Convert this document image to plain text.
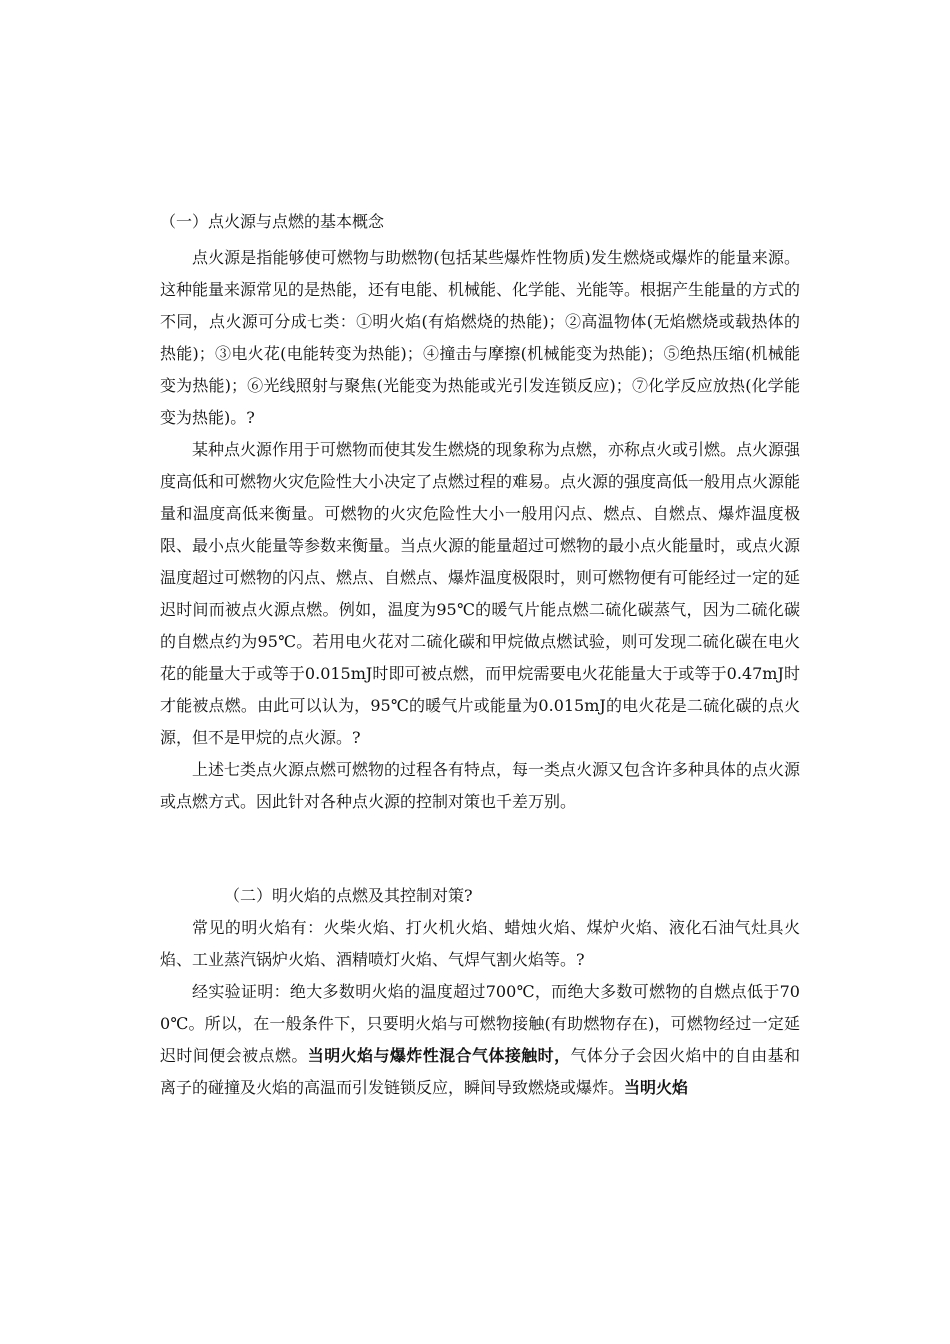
（一）点火源与点燃的基本概念

点火源是指能够使可燃物与助燃物(包括某些爆炸性物质)发生燃烧或爆炸的能量来源。这种能量来源常见的是热能，还有电能、机械能、化学能、光能等。根据产生能量的方式的不同，点火源可分成七类：①明火焰(有焰燃烧的热能)；②高温物体(无焰燃烧或载热体的热能)；③电火花(电能转变为热能)；④撞击与摩擦(机械能变为热能)；⑤绝热压缩(机械能变为热能)；⑥光线照射与聚焦(光能变为热能或光引发连锁反应)；⑦化学反应放热(化学能变为热能)。?

某种点火源作用于可燃物而使其发生燃烧的现象称为点燃，亦称点火或引燃。点火源强度高低和可燃物火灾危险性大小决定了点燃过程的难易。点火源的强度高低一般用点火源能量和温度高低来衡量。可燃物的火灾危险性大小一般用闪点、燃点、自燃点、爆炸温度极限、最小点火能量等参数来衡量。当点火源的能量超过可燃物的最小点火能量时，或点火源温度超过可燃物的闪点、燃点、自燃点、爆炸温度极限时，则可燃物便有可能经过一定的延迟时间而被点火源点燃。例如，温度为95℃的暖气片能点燃二硫化碳蒸气，因为二硫化碳的自燃点约为95℃。若用电火花对二硫化碳和甲烷做点燃试验，则可发现二硫化碳在电火花的能量大于或等于0.015mJ时即可被点燃，而甲烷需要电火花能量大于或等于0.47mJ时才能被点燃。由此可以认为，95℃的暖气片或能量为0.015mJ的电火花是二硫化碳的点火源，但不是甲烷的点火源。?

上述七类点火源点燃可燃物的过程各有特点，每一类点火源又包含许多种具体的点火源或点燃方式。因此针对各种点火源的控制对策也千差万别。

（二）明火焰的点燃及其控制对策?

常见的明火焰有：火柴火焰、打火机火焰、蜡烛火焰、煤炉火焰、液化石油气灶具火焰、工业蒸汽锅炉火焰、酒精喷灯火焰、气焊气割火焰等。?

经实验证明：绝大多数明火焰的温度超过700℃，而绝大多数可燃物的自燃点低于700℃。所以，在一般条件下，只要明火焰与可燃物接触(有助燃物存在)，可燃物经过一定延迟时间便会被点燃。当明火焰与爆炸性混合气体接触时，气体分子会因火焰中的自由基和离子的碰撞及火焰的高温而引发链锁反应，瞬间导致燃烧或爆炸。当明火焰
